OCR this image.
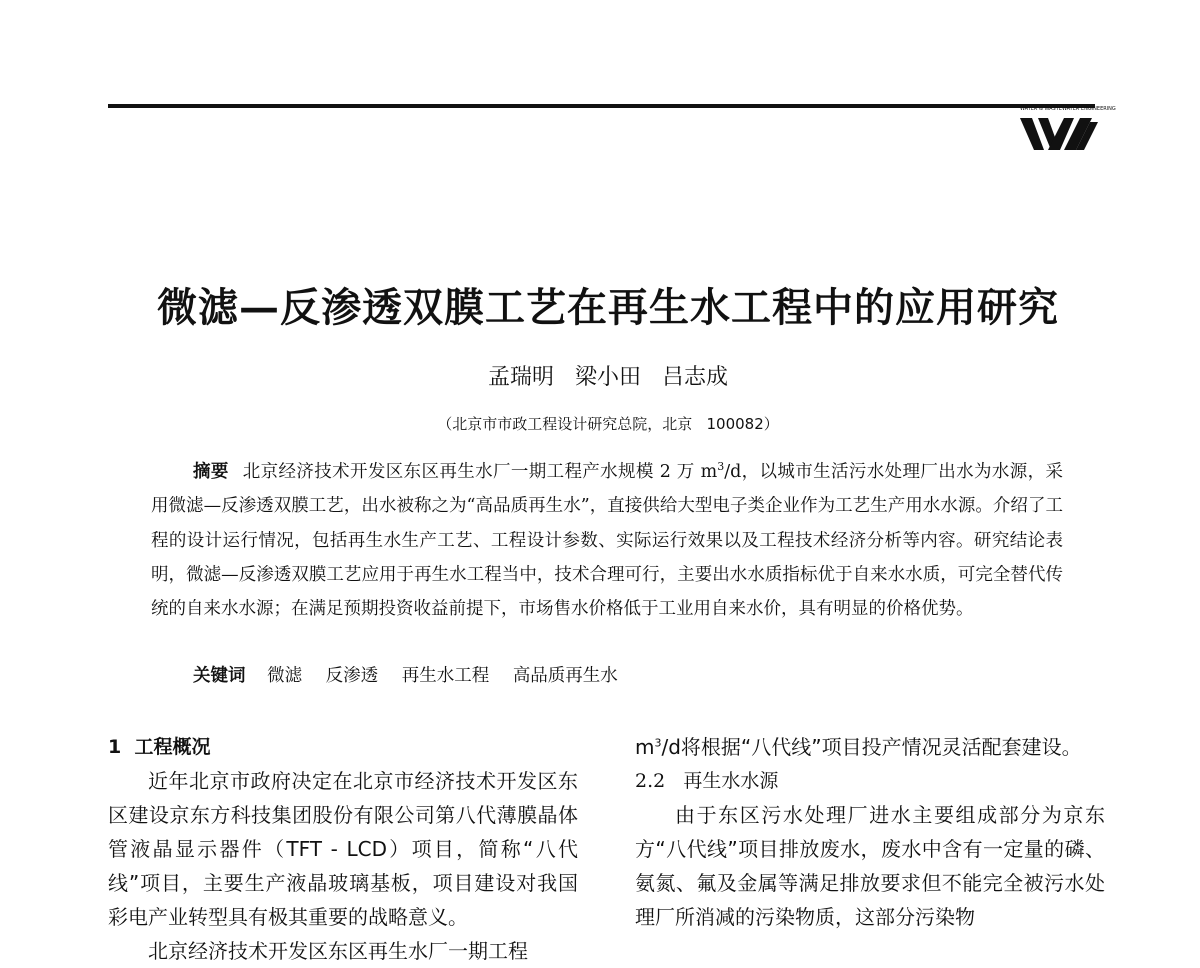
WATER & WASTEWATER ENGINEERING
微滤—反渗透双膜工艺在再生水工程中的应用研究
孟瑞明   梁小田   吕志成
（北京市市政工程设计研究总院，北京   100082）
摘要 北京经济技术开发区东区再生水厂一期工程产水规模 2 万 $m^3/d$，以城市生活污水处理厂出水为水源，采用微滤—反渗透双膜工艺，出水被称之为“高品质再生水”，直接供给大型电子类企业作为工艺生产用水水源。介绍了工程的设计运行情况，包括再生水生产工艺、工程设计参数、实际运行效果以及工程技术经济分析等内容。研究结论表明，微滤—反渗透双膜工艺应用于再生水工程当中，技术合理可行，主要出水水质指标优于自来水水质，可完全替代传统的自来水水源；在满足预期投资收益前提下，市场售水价格低于工业用自来水价，具有明显的价格优势。
关键词 微滤 反渗透 再生水工程 高品质再生水
1  工程概况

近年北京市政府决定在北京市经济技术开发区东区建设京东方科技集团股份有限公司第八代薄膜晶体管液晶显示器件（TFT - LCD）项目，简称“八代线”项目，主要生产液晶玻璃基板，项目建设对我国彩电产业转型具有极其重要的战略意义。

北京经济技术开发区东区再生水厂一期工程

$m^3/d$将根据“八代线”项目投产情况灵活配套建设。

2.2   再生水水源

由于东区污水处理厂进水主要组成部分为京东方“八代线”项目排放废水，废水中含有一定量的磷、氨氮、氟及金属等满足排放要求但不能完全被污水处理厂所消减的污染物质，这部分污染物
